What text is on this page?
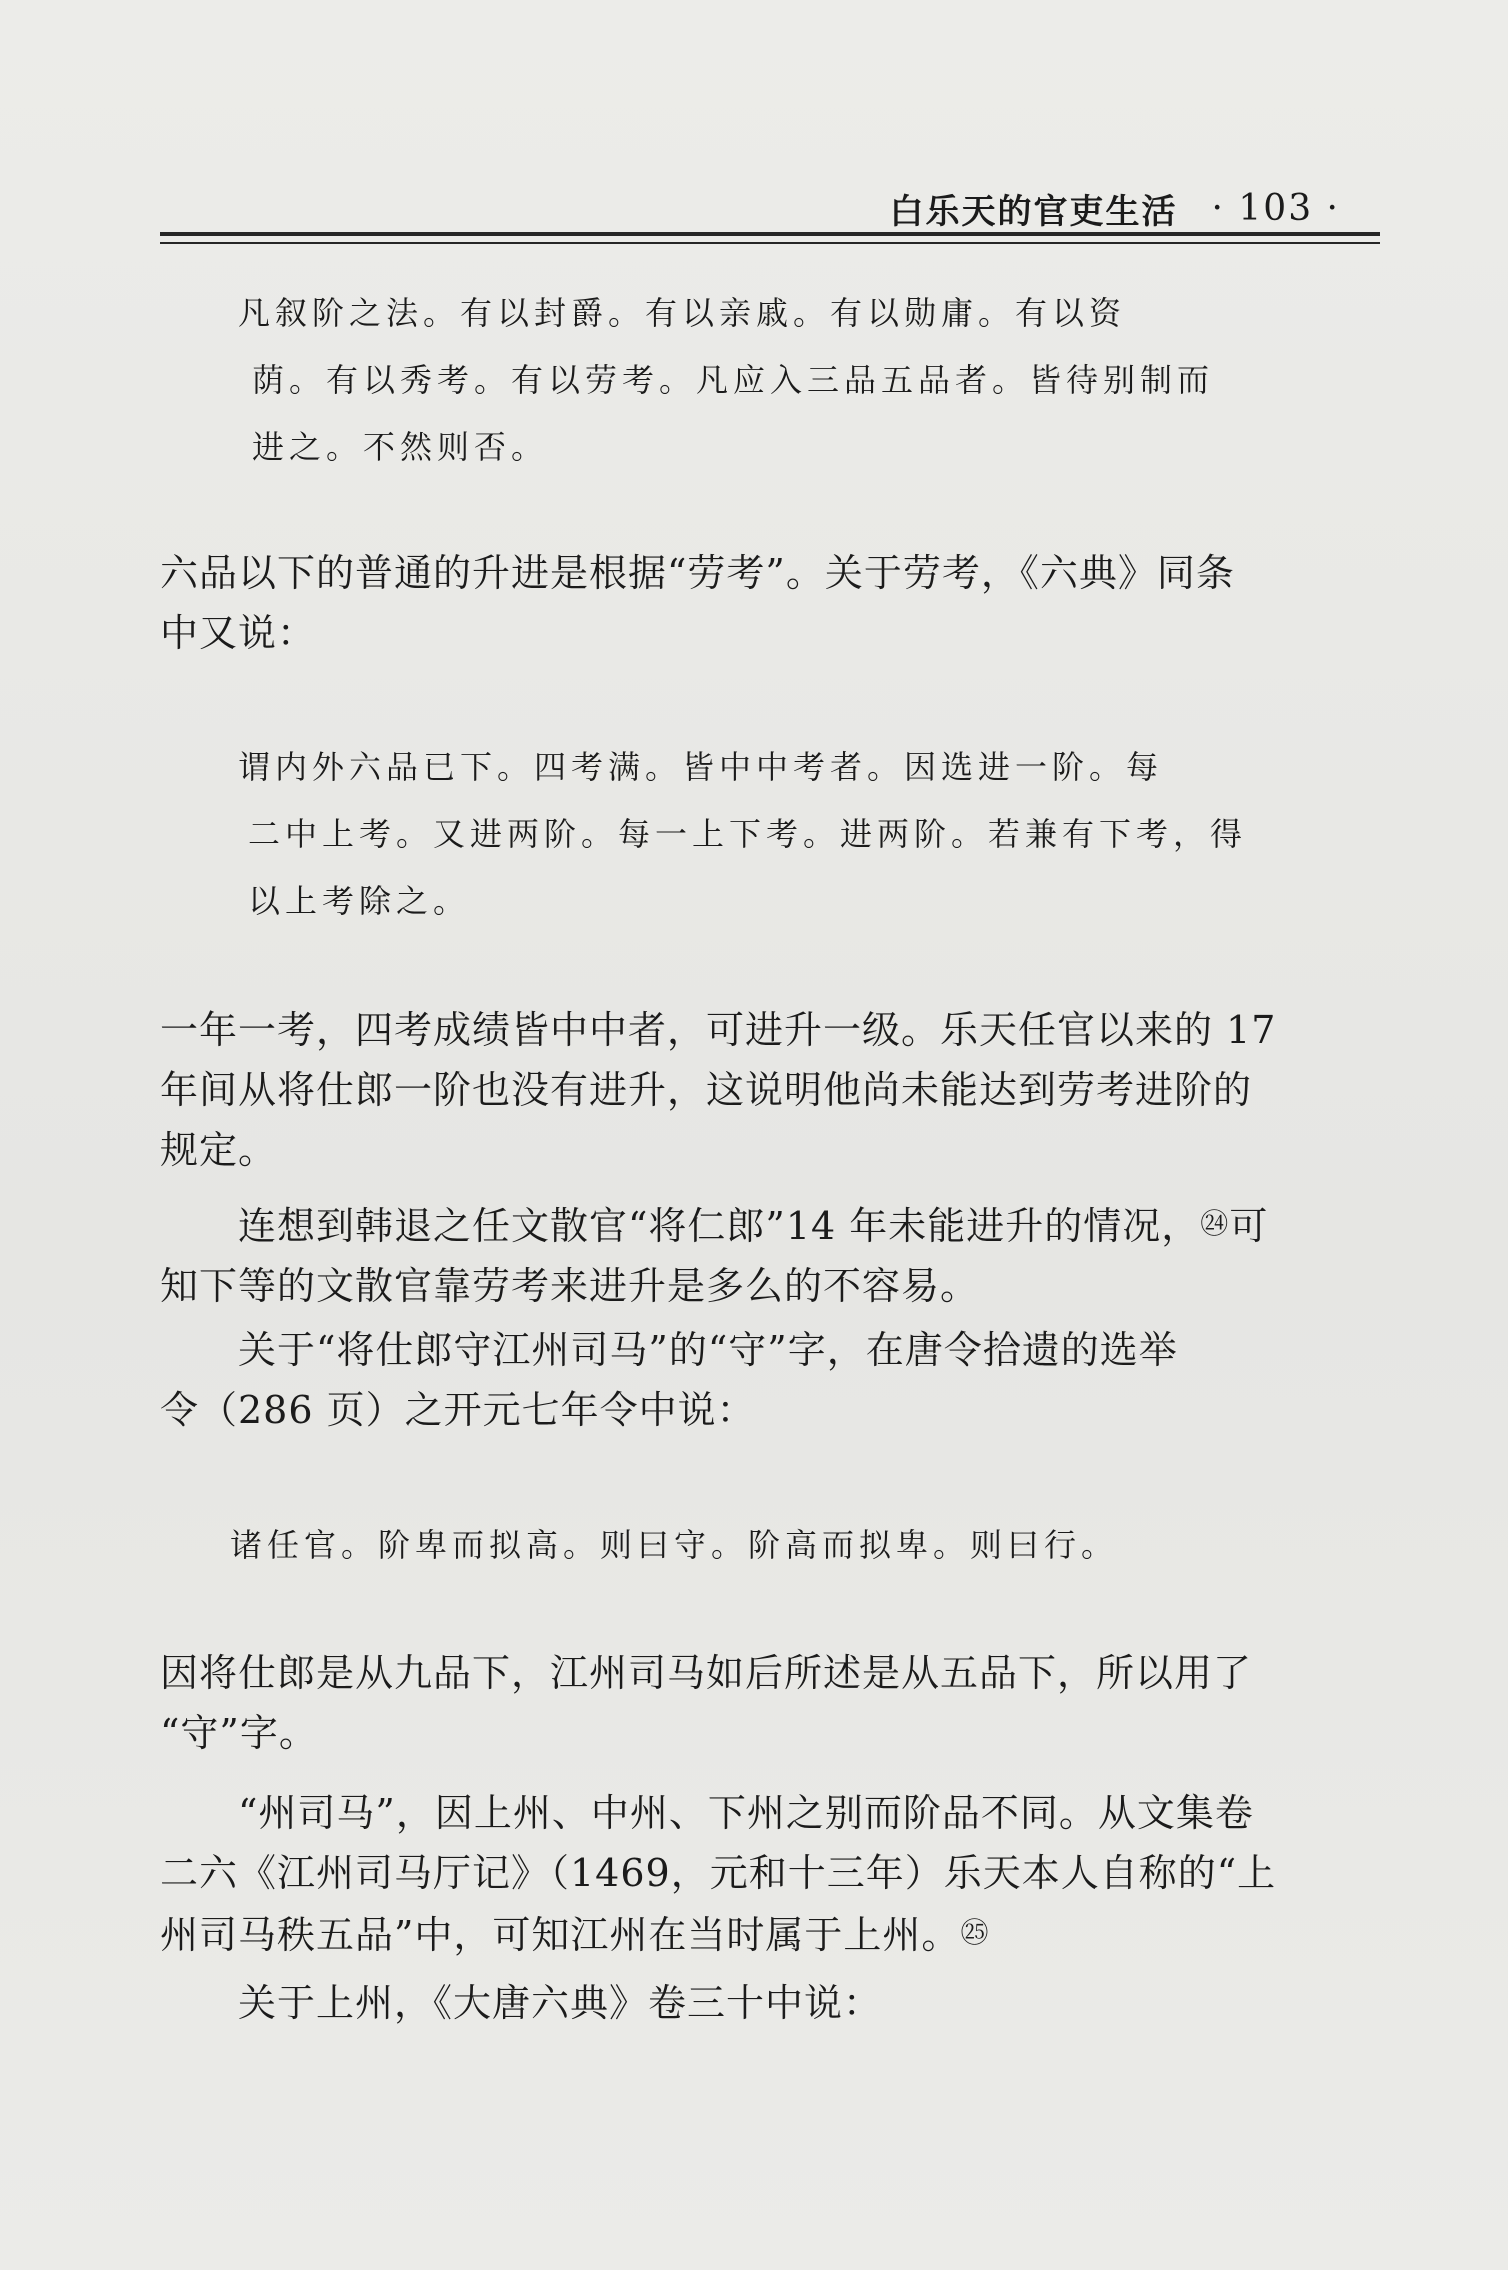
白乐天的官吏生活 · 103 ·

凡叙阶之法。有以封爵。有以亲戚。有以勋庸。有以资

荫。有以秀考。有以劳考。凡应入三品五品者。皆待别制而

进之。不然则否。

六品以下的普通的升进是根据“劳考”。关于劳考，《六典》同条

中又说：

谓内外六品已下。四考满。皆中中考者。因选进一阶。每

二中上考。又进两阶。每一上下考。进两阶。若兼有下考，得

以上考除之。

一年一考，四考成绩皆中中者，可进升一级。乐天任官以来的 17

年间从将仕郎一阶也没有进升，这说明他尚未能达到劳考进阶的

规定。

连想到韩退之任文散官“将仁郎”14 年未能进升的情况，㉔可

知下等的文散官靠劳考来进升是多么的不容易。

关于“将仕郎守江州司马”的“守”字，在唐令拾遗的选举

令（286 页）之开元七年令中说：

诸任官。阶卑而拟高。则曰守。阶高而拟卑。则曰行。

因将仕郎是从九品下，江州司马如后所述是从五品下，所以用了

“守”字。

“州司马”，因上州、中州、下州之别而阶品不同。从文集卷

二六《江州司马厅记》（1469，元和十三年）乐天本人自称的“上

州司马秩五品”中，可知江州在当时属于上州。㉕

关于上州，《大唐六典》卷三十中说：
